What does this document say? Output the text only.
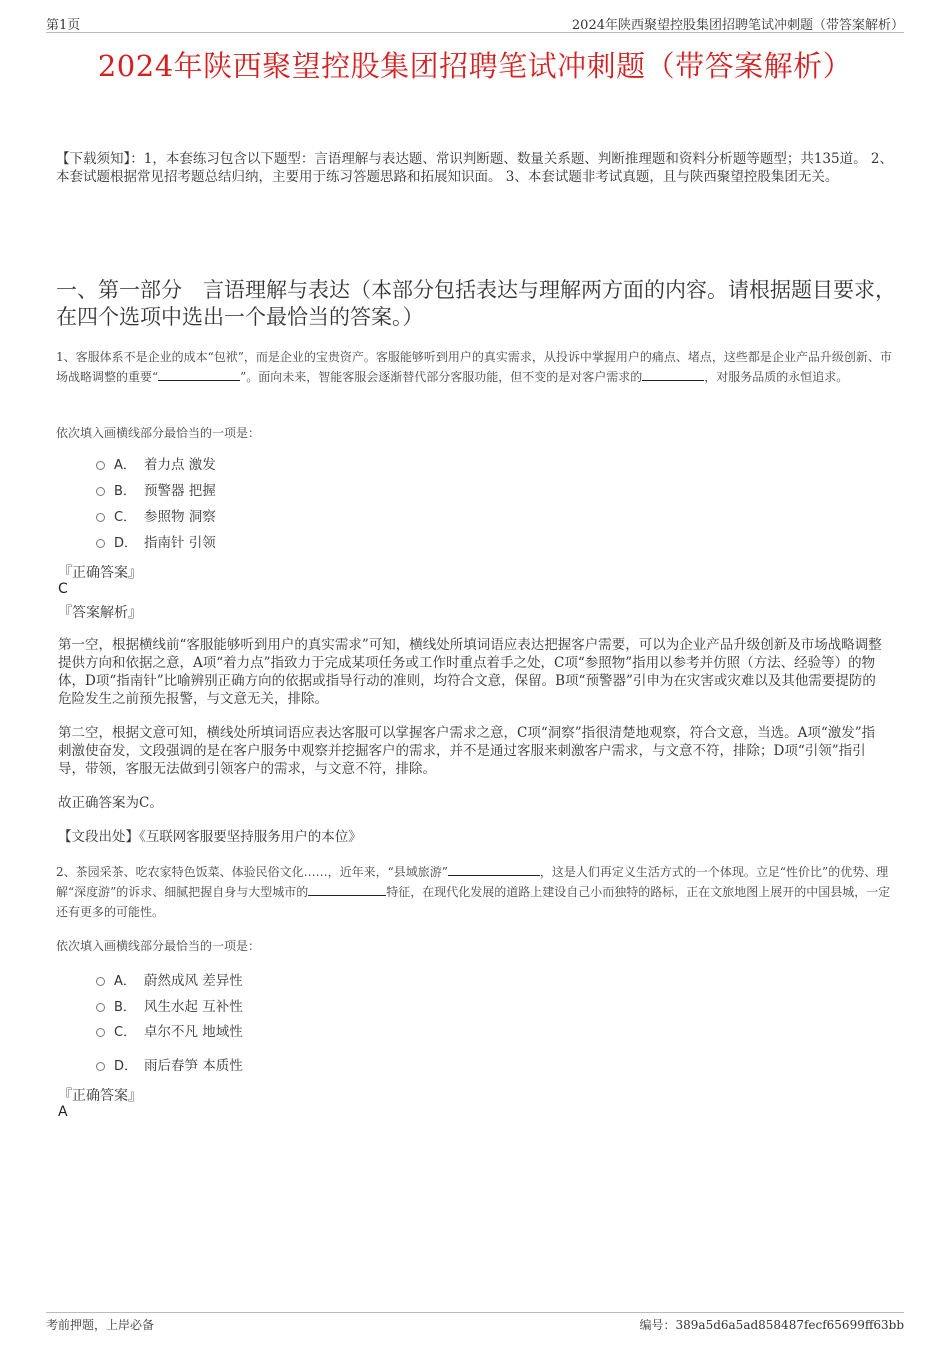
第1页	2024年陕西聚望控股集团招聘笔试冲刺题（带答案解析）
2024年陕西聚望控股集团招聘笔试冲刺题（带答案解析）
【下载须知】：1，本套练习包含以下题型：言语理解与表达题、常识判断题、数量关系题、判断推理题和资料分析题等题型；共135道。 2、本套试题根据常见招考题总结归纳，主要用于练习答题思路和拓展知识面。 3、本套试题非考试真题，且与陕西聚望控股集团无关。
一、第一部分　言语理解与表达（本部分包括表达与理解两方面的内容。请根据题目要求，在四个选项中选出一个最恰当的答案。）
1、客服体系不是企业的成本“包袱”，而是企业的宝贵资产。客服能够听到用户的真实需求，从投诉中掌握用户的痛点、堵点，这些都是企业产品升级创新、市场战略调整的重要“	”。面向未来，智能客服会逐渐替代部分客服功能，但不变的是对客户需求的	，对服务品质的永恒追求。
依次填入画横线部分最恰当的一项是：
A． 着力点 激发
B． 预警器 把握
C． 参照物 洞察
D． 指南针 引领
『正确答案』
C
『答案解析』
第一空，根据横线前“客服能够听到用户的真实需求”可知，横线处所填词语应表达把握客户需要，可以为企业产品升级创新及市场战略调整提供方向和依据之意，A项“着力点”指致力于完成某项任务或工作时重点着手之处，C项“参照物”指用以参考并仿照（方法、经验等）的物体，D项“指南针”比喻辨别正确方向的依据或指导行动的准则，均符合文意，保留。B项“预警器”引申为在灾害或灾难以及其他需要提防的危险发生之前预先报警，与文意无关，排除。
第二空，根据文意可知，横线处所填词语应表达客服可以掌握客户需求之意，C项“洞察”指很清楚地观察，符合文意，当选。A项“激发”指刺激使奋发，文段强调的是在客户服务中观察并挖掘客户的需求，并不是通过客服来刺激客户需求，与文意不符，排除；D项“引领”指引导，带领，客服无法做到引领客户的需求，与文意不符，排除。
故正确答案为C。
【文段出处】《互联网客服要坚持服务用户的本位》
2、茶园采茶、吃农家特色饭菜、体验民俗文化……，近年来，“县域旅游”	，这是人们再定义生活方式的一个体现。立足“性价比”的优势、理解“深度游”的诉求、细腻把握自身与大型城市的	特征，在现代化发展的道路上建设自己小而独特的路标，正在文旅地图上展开的中国县城，一定还有更多的可能性。
依次填入画横线部分最恰当的一项是：
A． 蔚然成风 差异性
B． 风生水起 互补性
C． 卓尔不凡 地域性
D． 雨后春笋 本质性
『正确答案』
A
考前押题，上岸必备	编号：389a5d6a5ad858487fecf65699ff63bb
